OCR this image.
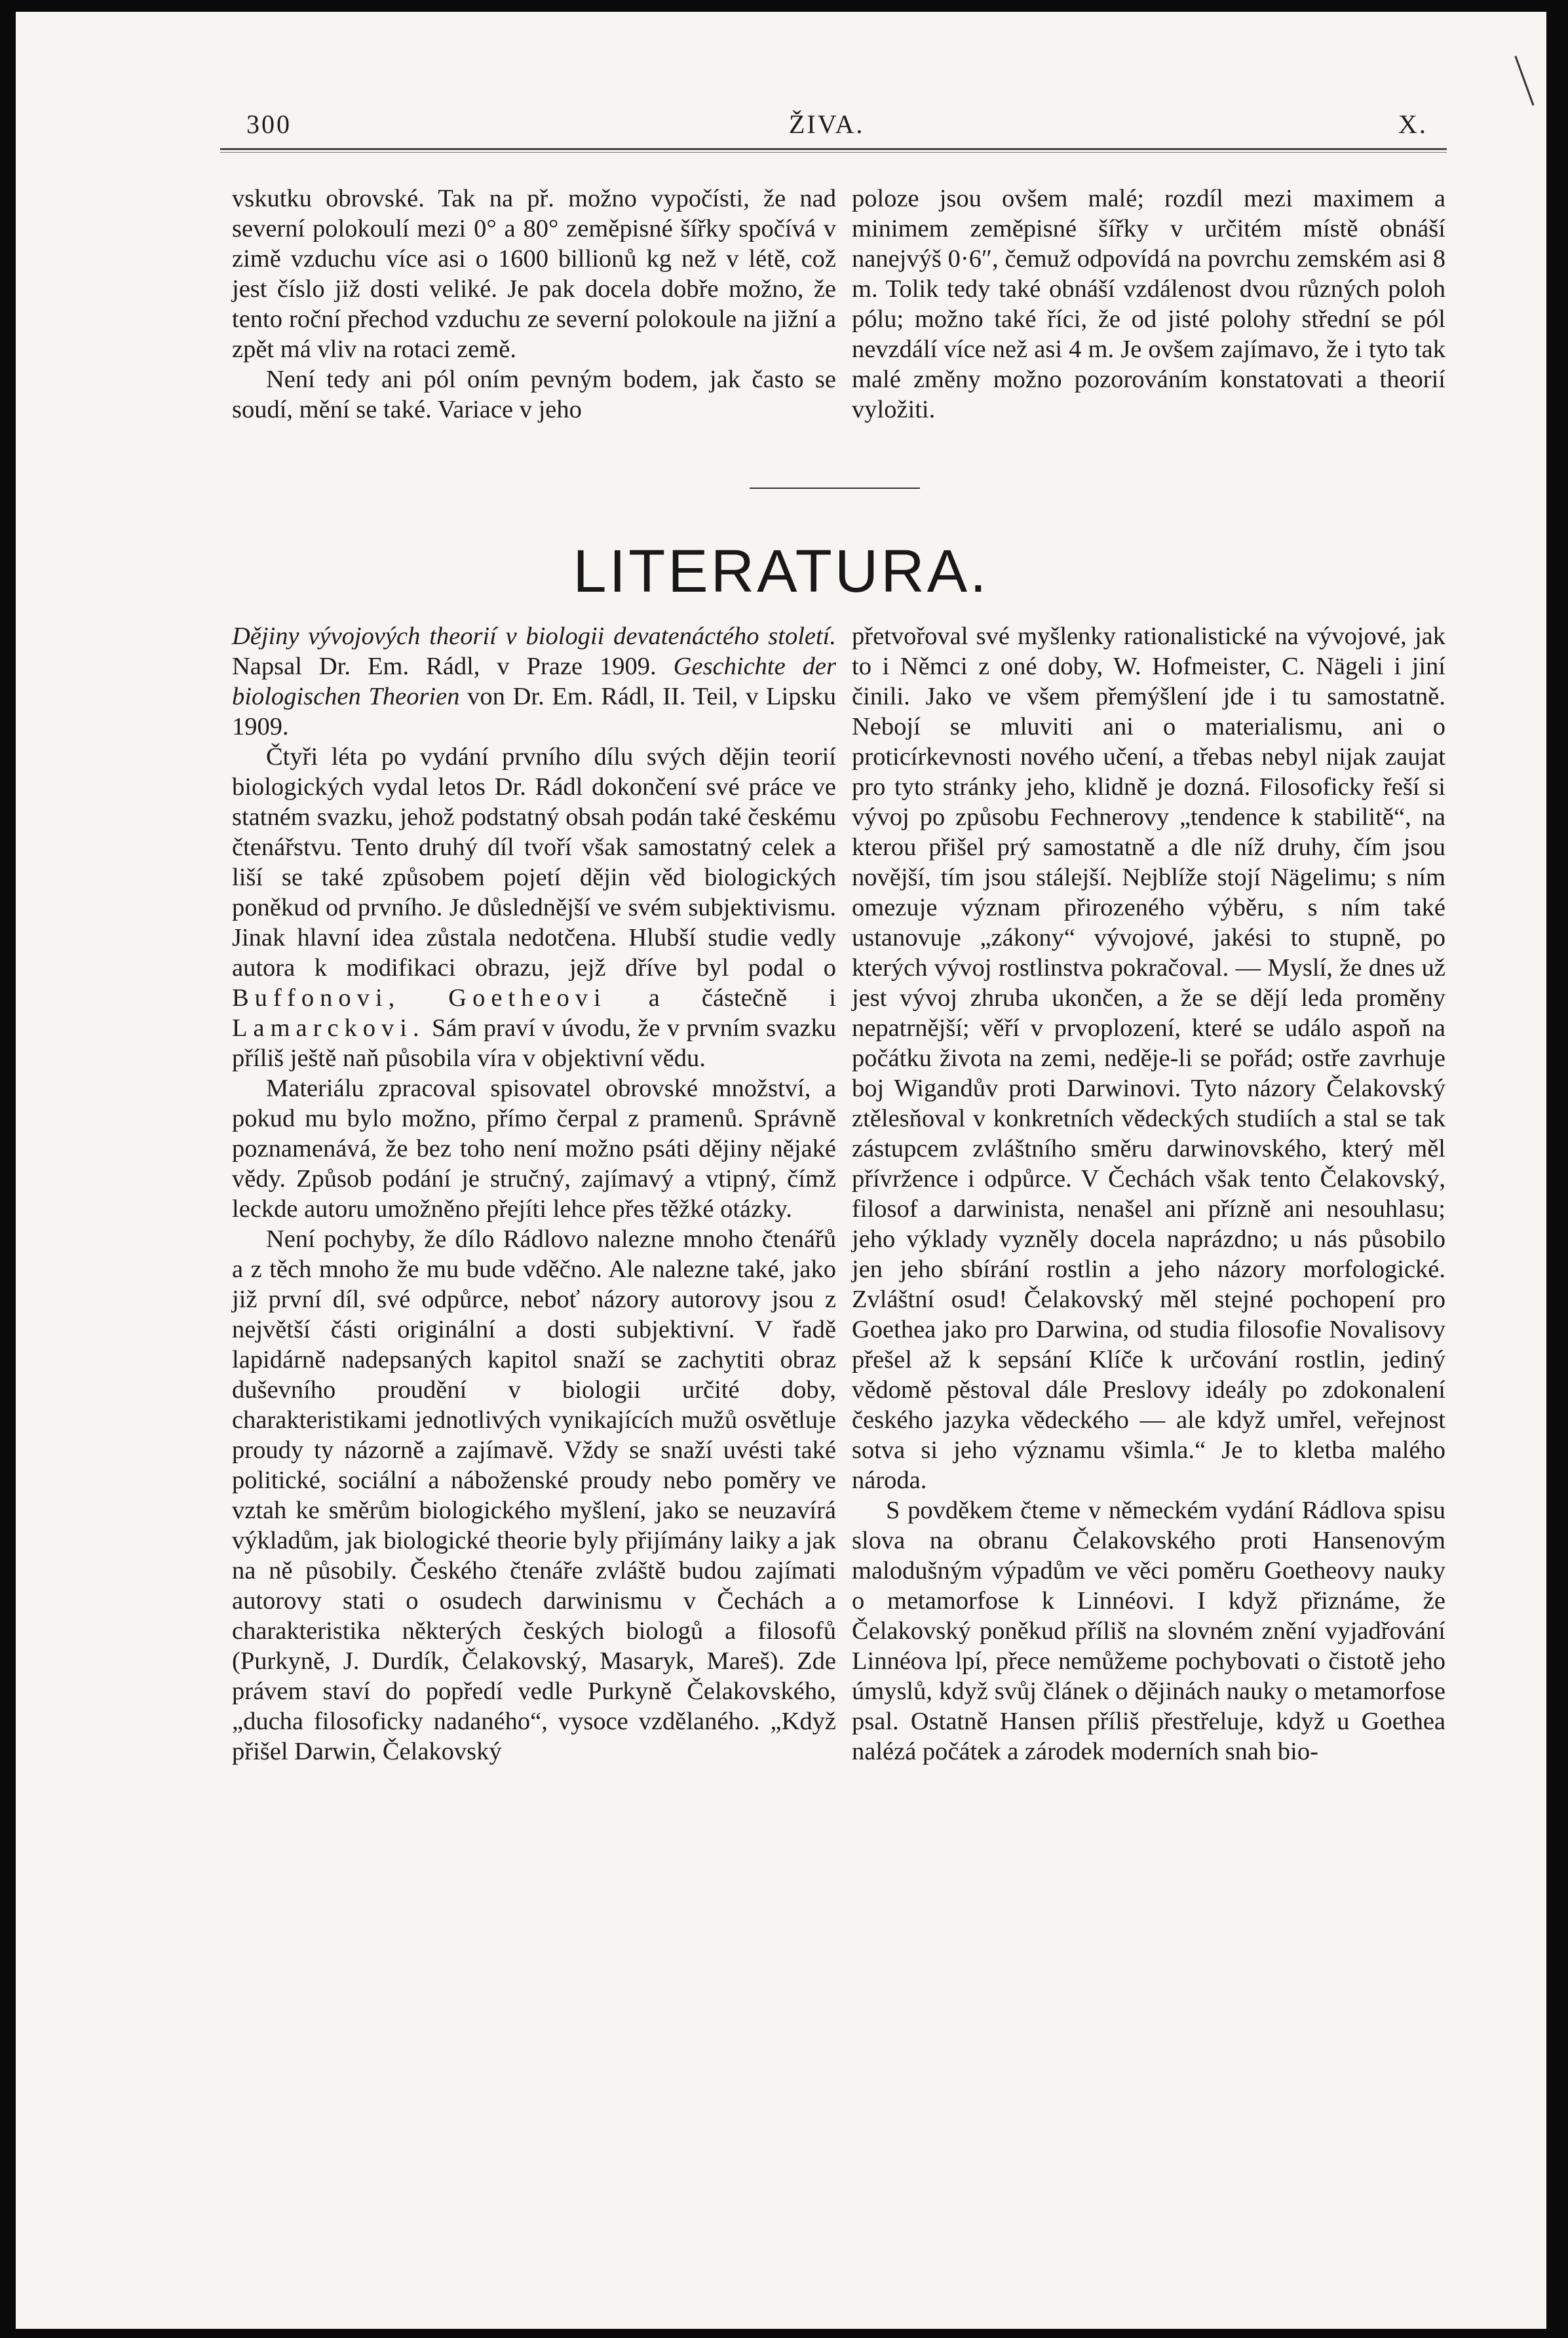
300	ŽIVA.	X.

vskutku obrovské. Tak na př. možno vypočísti, že nad severní polokoulí mezi 0° a 80° zeměpisné šířky spočívá v zimě vzduchu více asi o 1600 billionů kg než v létě, což jest číslo již dosti veliké. Je pak docela dobře možno, že tento roční přechod vzduchu ze severní polokoule na jižní a zpět má vliv na rotaci země.

Není tedy ani pól oním pevným bodem, jak často se soudí, mění se také. Variace v jeho

poloze jsou ovšem malé; rozdíl mezi maximem a minimem zeměpisné šířky v určitém místě obnáší nanejvýš 0·6″, čemuž odpovídá na povrchu zemském asi 8 m. Tolik tedy také obnáší vzdálenost dvou různých poloh pólu; možno také říci, že od jisté polohy střední se pól nevzdálí více než asi 4 m. Je ovšem zajímavo, že i tyto tak malé změny možno pozorováním konstatovati a theorií vyložiti.

LITERATURA.

Dějiny vývojových theorií v biologii devatenáctého století. Napsal Dr. Em. Rádl, v Praze 1909. Geschichte der biologischen Theorien von Dr. Em. Rádl, II. Teil, v Lipsku 1909.

Čtyři léta po vydání prvního dílu svých dějin teorií biologických vydal letos Dr. Rádl dokončení své práce ve statném svazku, jehož podstatný obsah podán také českému čtenářstvu. Tento druhý díl tvoří však samostatný celek a liší se také způsobem pojetí dějin věd biologických poněkud od prvního. Je důslednější ve svém subjektivismu. Jinak hlavní idea zůstala nedotčena. Hlubší studie vedly autora k modifikaci obrazu, jejž dříve byl podal o Buffonovi, Goetheovi a částečně i Lamarckovi. Sám praví v úvodu, že v prvním svazku příliš ještě naň působila víra v objektivní vědu.

Materiálu zpracoval spisovatel obrovské množství, a pokud mu bylo možno, přímo čerpal z pramenů. Správně poznamenává, že bez toho není možno psáti dějiny nějaké vědy. Způsob podání je stručný, zajímavý a vtipný, čímž leckde autoru umožněno přejíti lehce přes těžké otázky.

Není pochyby, že dílo Rádlovo nalezne mnoho čtenářů a z těch mnoho že mu bude vděčno. Ale nalezne také, jako již první díl, své odpůrce, neboť názory autorovy jsou z největší části originální a dosti subjektivní. V řadě lapidárně nadepsaných kapitol snaží se zachytiti obraz duševního proudění v biologii určité doby, charakteristikami jednotlivých vynikajících mužů osvětluje proudy ty názorně a zajímavě. Vždy se snaží uvésti také politické, sociální a náboženské proudy nebo poměry ve vztah ke směrům biologického myšlení, jako se neuzavírá výkladům, jak biologické theorie byly přijímány laiky a jak na ně působily. Českého čtenáře zvláště budou zajímati autorovy stati o osudech darwinismu v Čechách a charakteristika některých českých biologů a filosofů (Purkyně, J. Durdík, Čelakovský, Masaryk, Mareš). Zde právem staví do popředí vedle Purkyně Čelakovského, „ducha filosoficky nadaného“, vysoce vzdělaného. „Když přišel Darwin, Čelakovský

přetvořoval své myšlenky rationalistické na vývojové, jak to i Němci z oné doby, W. Hofmeister, C. Nägeli i jiní činili. Jako ve všem přemýšlení jde i tu samostatně. Nebojí se mluviti ani o materialismu, ani o proticírkevnosti nového učení, a třebas nebyl nijak zaujat pro tyto stránky jeho, klidně je dozná. Filosoficky řeší si vývoj po způsobu Fechnerovy „tendence k stabilitě“, na kterou přišel prý samostatně a dle níž druhy, čím jsou novější, tím jsou stálejší. Nejblíže stojí Nägelimu; s ním omezuje význam přirozeného výběru, s ním také ustanovuje „zákony“ vývojové, jakési to stupně, po kterých vývoj rostlinstva pokračoval. — Myslí, že dnes už jest vývoj zhruba ukončen, a že se dějí leda proměny nepatrnější; věří v prvoplození, které se událo aspoň na počátku života na zemi, neděje-li se pořád; ostře zavrhuje boj Wigandův proti Darwinovi. Tyto názory Čelakovský ztělesňoval v konkretních vědeckých studiích a stal se tak zástupcem zvláštního směru darwinovského, který měl přívržence i odpůrce. V Čechách však tento Čelakovský, filosof a darwinista, nenašel ani přízně ani nesouhlasu; jeho výklady vyzněly docela naprázdno; u nás působilo jen jeho sbírání rostlin a jeho názory morfologické. Zvláštní osud! Čelakovský měl stejné pochopení pro Goethea jako pro Darwina, od studia filosofie Novalisovy přešel až k sepsání Klíče k určování rostlin, jediný vědomě pěstoval dále Preslovy ideály po zdokonalení českého jazyka vědeckého — ale když umřel, veřejnost sotva si jeho významu všimla.“ Je to kletba malého národa.

S povděkem čteme v německém vydání Rádlova spisu slova na obranu Čelakovského proti Hansenovým malodušným výpadům ve věci poměru Goetheovy nauky o metamorfose k Linnéovi. I když přiznáme, že Čelakovský poněkud příliš na slovném znění vyjadřování Linnéova lpí, přece nemůžeme pochybovati o čistotě jeho úmyslů, když svůj článek o dějinách nauky o metamorfose psal. Ostatně Hansen příliš přestřeluje, když u Goethea nalézá počátek a zárodek moderních snah bio-
